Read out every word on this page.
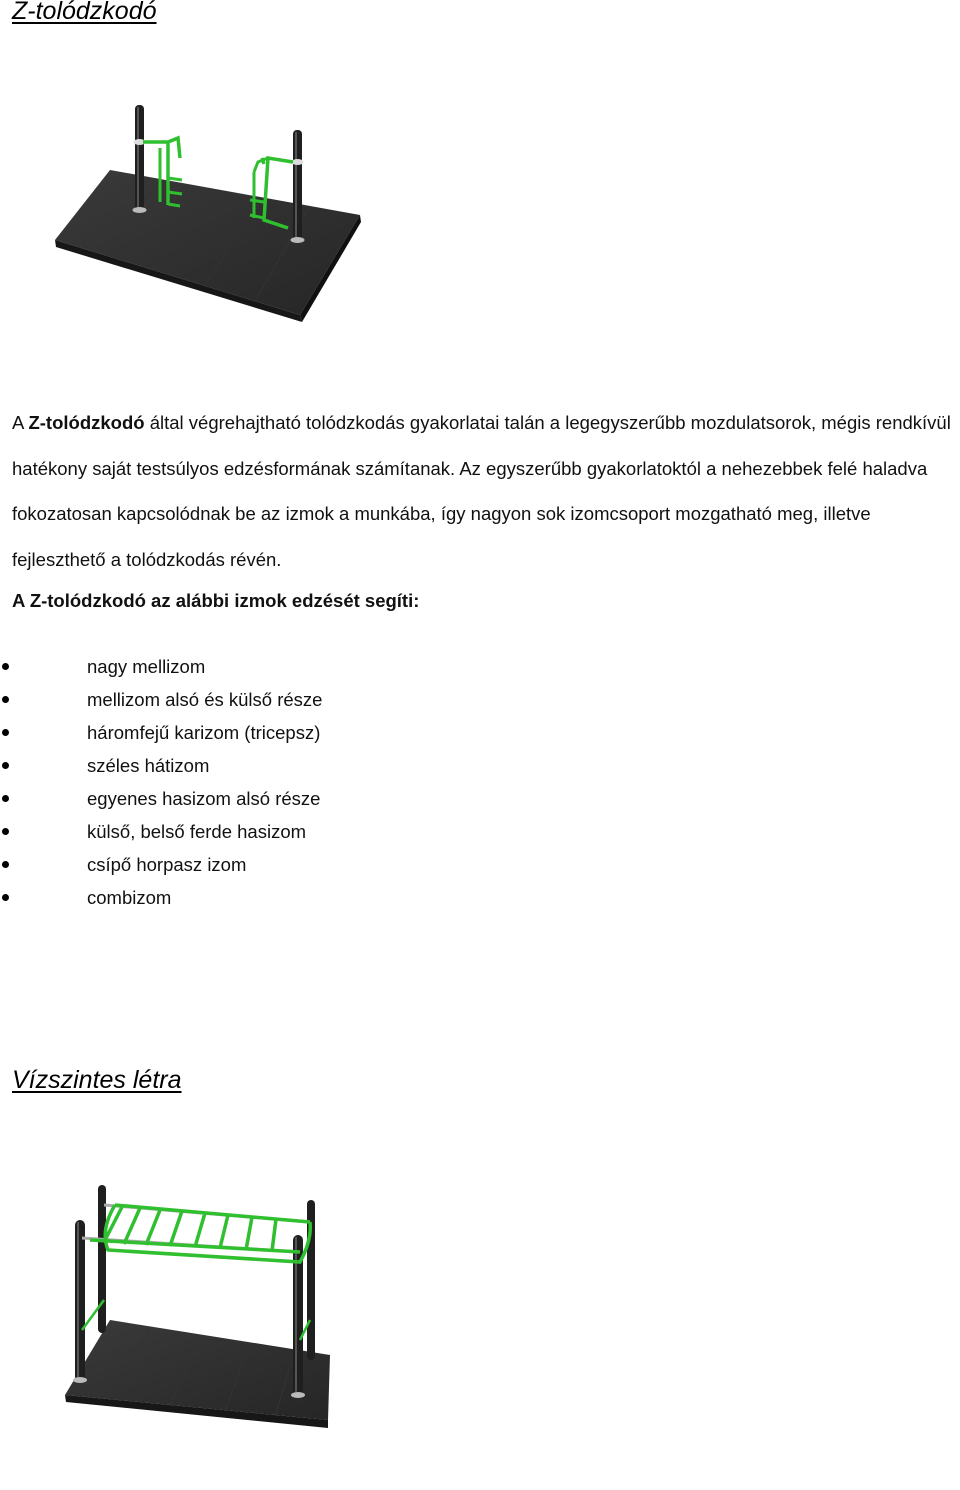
Z-tolódzkodó

A Z-tolódzkodó által végrehajtható tolódzkodás gyakorlatai talán a legegyszerűbb mozdulatsorok, mégis rendkívül hatékony saját testsúlyos edzésformának számítanak. Az egyszerűbb gyakorlatoktól a nehezebbek felé haladva fokozatosan kapcsolódnak be az izmok a munkába, így nagyon sok izomcsoport mozgatható meg, illetve fejleszthető a tolódzkodás révén.

A Z-tolódzkodó az alábbi izmok edzését segíti:

nagy mellizom
mellizom alsó és külső része
háromfejű karizom (tricepsz)
széles hátizom
egyenes hasizom alsó része
külső, belső ferde hasizom
csípő horpasz izom
combizom
Vízszintes létra
